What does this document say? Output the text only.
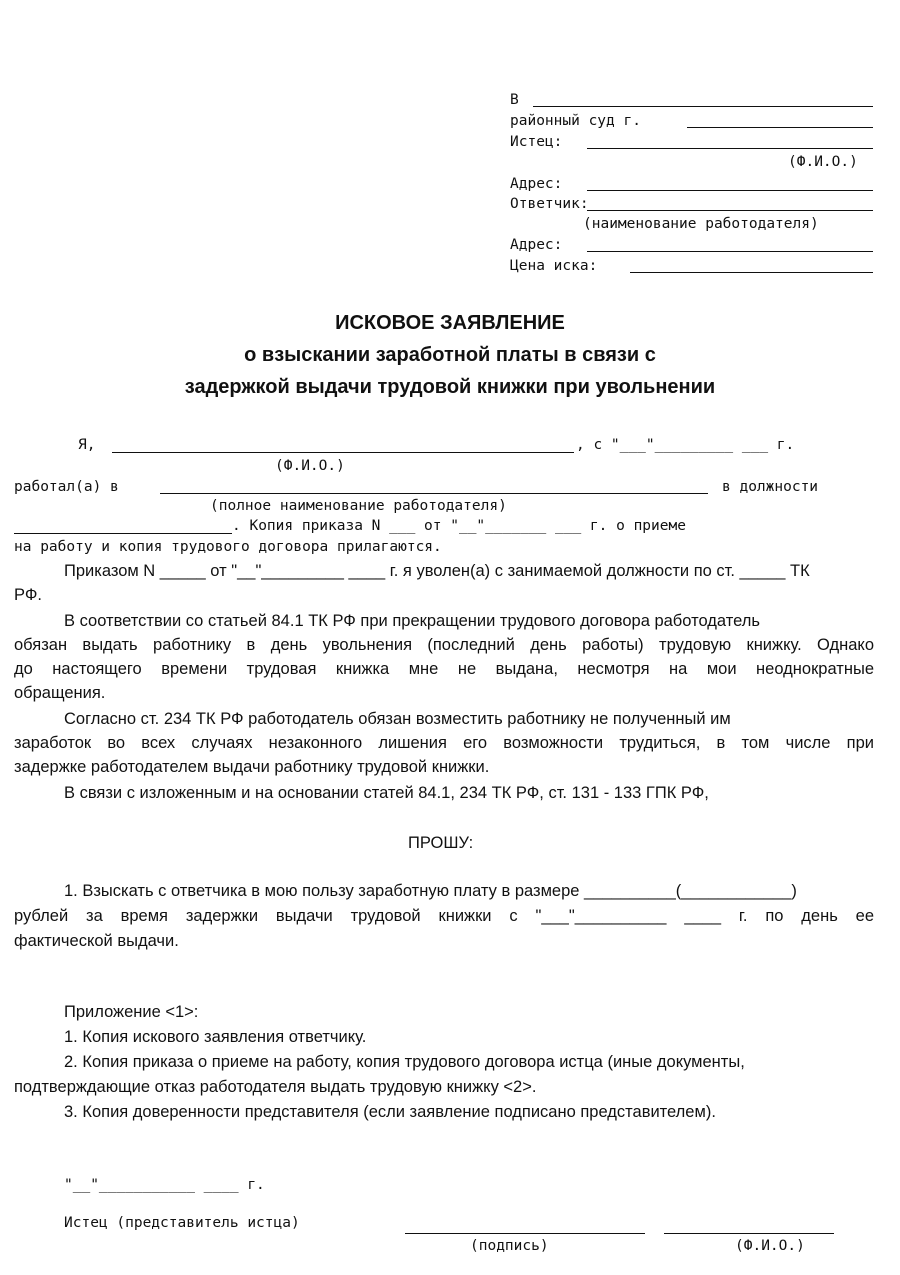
В
районный суд г.
Истец:
(Ф.И.О.)
Адрес:
Ответчик:
(наименование работодателя)
Адрес:
Цена иска:
ИСКОВОЕ ЗАЯВЛЕНИЕ
о взыскании заработной платы в связи с
задержкой выдачи трудовой книжки при увольнении
Я,	, с "___"_________ ___ г.
(Ф.И.О.)
работал(а) в	в должности
(полное наименование работодателя)
. Копия приказа N ___ от "__"_______ ___ г. о приеме
на работу и копия трудового договора прилагаются.
Приказом N _____ от "__"_________ ____ г. я уволен(а) с занимаемой должности по ст. _____ ТК
РФ.
В соответствии со статьей 84.1 ТК РФ при прекращении трудового договора работодатель
обязан выдать работнику в день увольнения (последний день работы) трудовую книжку. Однако
до настоящего времени трудовая книжка мне не выдана, несмотря на мои неоднократные
обращения.
Согласно ст. 234 ТК РФ работодатель обязан возместить работнику не полученный им
заработок во всех случаях незаконного лишения его возможности трудиться, в том числе при
задержке работодателем выдачи работнику трудовой книжки.
В связи с изложенным и на основании статей 84.1, 234 ТК РФ, ст. 131 - 133 ГПК РФ,
ПРОШУ:
1. Взыскать с ответчика в мою пользу заработную плату в размере __________(____________)
рублей за время задержки выдачи трудовой книжки с "___"__________ ____ г. по день ее
фактической выдачи.
Приложение <1>:
1. Копия искового заявления ответчику.
2. Копия приказа о приеме на работу, копия трудового договора истца (иные документы,
подтверждающие отказ работодателя выдать трудовую книжку <2>.
3. Копия доверенности представителя (если заявление подписано представителем).
"__"___________ ____ г.
Истец (представитель истца)
(подпись)	(Ф.И.О.)
